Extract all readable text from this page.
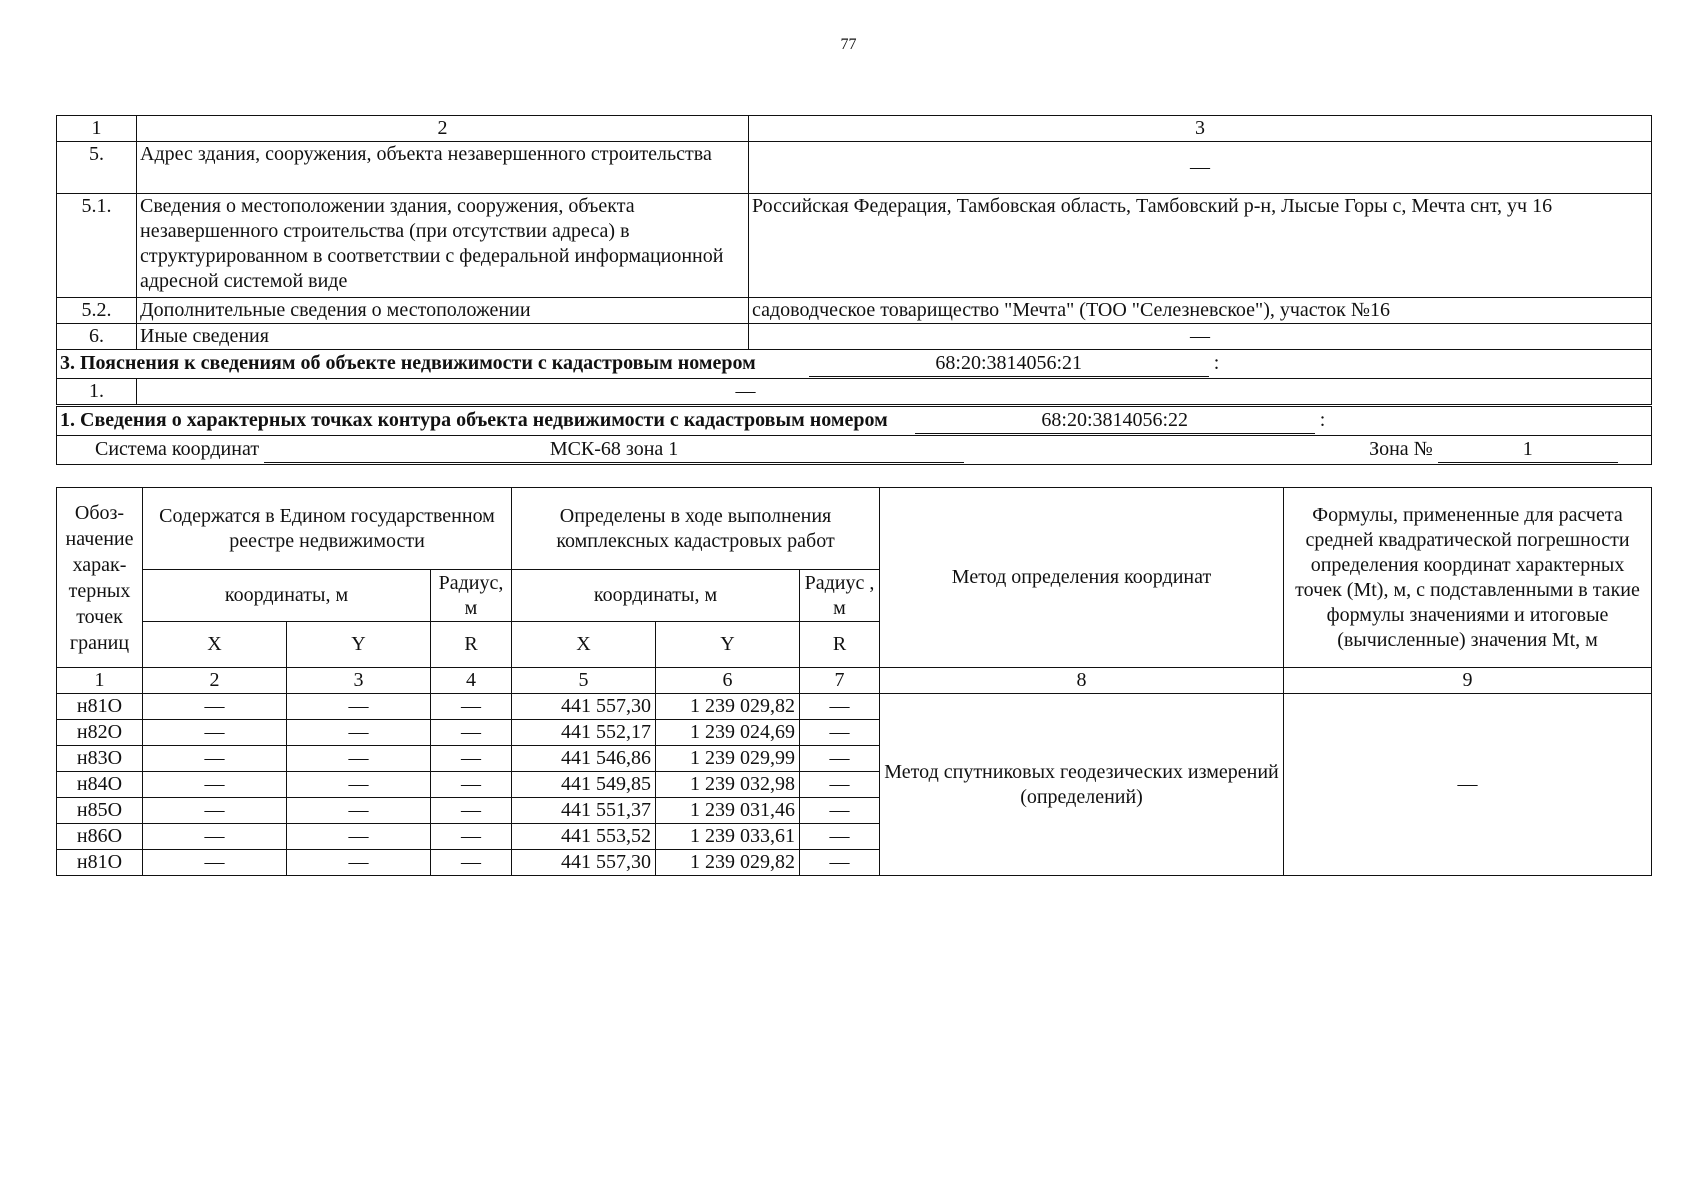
77
1	2	3
5.	Адрес здания, сооружения, объекта незавершенного строительства	—
5.1.	Сведения о местоположении здания, сооружения, объекта незавершенного строительства (при отсутствии адреса) в структурированном в соответствии с федеральной информационной адресной системой виде	Российская Федерация, Тамбовская область, Тамбовский р-н, Лысые Горы с, Мечта снт, уч 16
5.2.	Дополнительные сведения о местоположении	садоводческое товарищество "Мечта" (ТОО "Селезневское"), участок №16
6.	Иные сведения	—
3. Пояснения к сведениям об объекте недвижимости с кадастровым номером 68:20:3814056:21 :		
1.	—	
1. Сведения о характерных точках контура объекта недвижимости с кадастровым номером 68:20:3814056:22 :		
Система координат МСК-68 зона 1 Зона № 1		
Обоз-начение харак-терных точек границ	Содержатся в Едином государственном реестре недвижимости			Определены в ходе выполнения комплексных кадастровых работ			Метод определения координат	Формулы, примененные для расчета средней квадратической погрешности определения координат характерных точек (Mt), м, с подставленными в такие формулы значениями и итоговые (вычисленные) значения Mt, м
	координаты, м		Радиус, м	координаты, м		Радиус , м		
	X	Y	R	X	Y	R		
1	2	3	4	5	6	7	8	9
н81О	—	—	—	441 557,30	1 239 029,82	—	Метод спутниковых геодезических измерений (определений)	—
н82О	—	—	—	441 552,17	1 239 024,69	—		
н83О	—	—	—	441 546,86	1 239 029,99	—		
н84О	—	—	—	441 549,85	1 239 032,98	—		
н85О	—	—	—	441 551,37	1 239 031,46	—		
н86О	—	—	—	441 553,52	1 239 033,61	—		
н81О	—	—	—	441 557,30	1 239 029,82	—		
